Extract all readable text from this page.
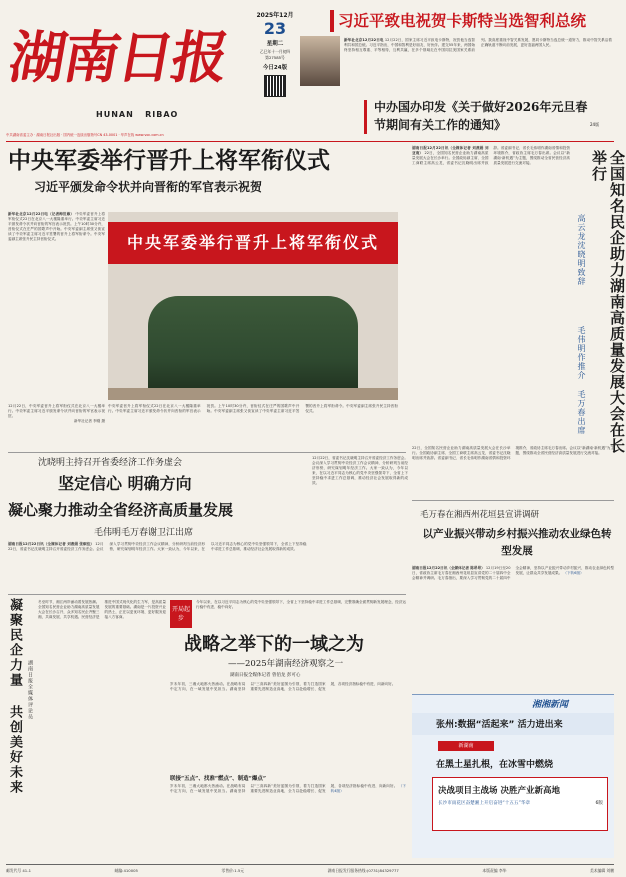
湖南日报
HUNAN   RIBAO
中共湖南省委主办 · 湖南日报社出版 · 国内统一连续出版物号CN 43-0001 · 华声在线 www.voc.com.cn
2025年12月
23
星期二
乙巳年十一月初四
第27585号
今日24版
习近平致电祝贺卡斯特当选智利总统
新华社北京12月22日电 12月22日，国家主席习近平致电卡斯特，祝贺他当选智利共和国总统。习近平指出，中国和智利是好朋友、好伙伴。建交55年来，两国始终坚持相互尊重、平等相待，互利共赢，在多个领域走在中国同拉美国家关系前列。我高度重视中智关系发展，愿同卡斯特当选总统一道努力，推动中智关系沿着正确轨道不断向前发展，更好造福两国人民。
中办国办印发《关于做好2026年元旦春节期间有关工作的通知》	24版
中央军委举行晋升上将军衔仪式
习近平颁发命令状并向晋衔的军官表示祝贺
新华社北京12月22日电（记者梅世雄） 中央军委晋升上将军衔仪式22日在北京八一大楼隆重举行。中央军委主席习近平颁发命令状并向晋衔的军官表示祝贺。上午10时30分许，晋衔仪式在庄严的国歌声中开始。中央军委副主席张又侠宣读了中央军委主席习近平签署的晋升上将军衔命令。中央军委副主席张升民主持晋衔仪式。	中央军委举行晋升上将军衔仪式
12月22日，中央军委晋升上将军衔仪式在北京八一大楼举行。中央军委主席习近平颁发命令状并向晋衔的军官表示祝贺。
新华社记者 李刚 摄
中央军委晋升上将军衔仪式22日在北京八一大楼隆重举行。中央军委主席习近平颁发命令状并向晋衔的军官表示祝贺。上午10时30分许，晋衔仪式在庄严的国歌声中开始。中央军委副主席张又侠宣读了中央军委主席习近平签署的晋升上将军衔命令。中央军委副主席张升民主持晋衔仪式。
沈晓明主持召开省委经济工作务虚会
坚定信心 明确方向
凝心聚力推动全省经济高质量发展
毛伟明毛万春谢卫江出席
湖南日报12月22日讯（全媒体记者 刘燕娟 张颐佳） 12月22日，省委书记沈晓明主持召开省委经济工作务虚会。会议深入学习贯彻中央经济工作会议精神，分析研判当前经济形势，研究谋划明年经济工作。大家一致认为，今年以来，在以习近平同志为核心的党中央坚强领导下，全省上下坚持稳中求进工作总基调，推动经济社会发展取得新的成效。
12月22日，省委书记沈晓明主持召开省委经济工作务虚会。会议深入学习贯彻中央经济工作会议精神，分析研判当前经济形势，研究谋划明年经济工作。大家一致认为，今年以来，在以习近平同志为核心的党中央坚强领导下，全省上下坚持稳中求进工作总基调，推动经济社会发展取得新的成效。
湖南日报12月22日讯（全媒体记者 刘燕娟 刘亚南） 22日，全国知名民营企业助力湖南高质量发展大会在长沙举行。全国政协副主席、全国工商联主席高云龙，省委书记沈晓明出席并致辞。省委副书记、省长毛伟明作湖南省情和投资环境推介，省政协主席毛万春出席。会议以“新湖南·新机遇”为主题，围绕推动全省民营经济高质量发展进行交流对接。	全国知名民企助力湖南高质量发展大会在长举行
高云龙沈晓明致辞
毛伟明作推介 毛万春出席
22日，全国知名民营企业助力湖南高质量发展大会在长沙举行。全国政协副主席、全国工商联主席高云龙，省委书记沈晓明出席并致辞。省委副书记、省长毛伟明作湖南省情和投资环境推介，省政协主席毛万春出席。会议以“新湖南·新机遇”为主题，围绕推动全省民营经济高质量发展进行交流对接。
毛万春在湘西州花垣县宣讲调研
以产业振兴带动乡村振兴推动农业绿色转型发展
湖南日报12月22日讯（全媒体记者 陈昂昂） 12月19日至20日，省政协主席毛万春在湘西州花垣县宣讲党的二十届四中全会精神并调研。毛万春指出，要深入学习贯彻党的二十届四中全会精神，坚持以产业振兴带动乡村振兴，推动农业绿色转型发展，让群众共享发展成果。 （下转6版）
凝聚民企力量 共创美好未来 湖南日报全媒体评论员
冬至时节，湘江两岸涌动着发展热潮。全国知名民营企业助力湖南高质量发展大会在长沙召开，众多知名民企齐聚三湘，共谋发展、共享机遇。民营经济是推进中国式现代化的生力军，是高质量发展的重要基础。湖南是一片投资兴业的热土，正在以更优环境、更好服务迎接八方客商。
开局起步
今年以来，在以习近平同志为核心的党中央坚强领导下，全省上下坚持稳中求进工作总基调，完整准确全面贯彻新发展理念，经济运行稳中有进、稳中向好。
战略之举下的一域之为
——2025年湖南经济观察之一
湖南日报全媒体记者 曾佰龙 彭可心
岁末年初，三湘大地都火热涌动。在战略布局中定方向，在一域发展中见担当。湖南坚持以“三高四新”美好蓝图为引领，着力打造国家重要先进制造业高地，全力以赴稳增长、促发展，各项经济指标稳中有进、向新向好。
联接“五点”、找准“燃点”、制造“爆点”
岁末年初，三湘大地都火热涌动。在战略布局中定方向，在一域发展中见担当。湖南坚持以“三高四新”美好蓝图为引领，着力打造国家重要先进制造业高地，全力以赴稳增长、促发展，各项经济指标稳中有进、向新向好。 （下转4版）
湘湘新闻
张州:数据“活起来” 活力进出来
新湖南
在黑土星扎根，在冰雪中燃烧
决战项目主战场 决胜产业新高地
长沙市雨花区奋楚湘上开启奋进“十五五”华章	6版
邮发代号 41-1	邮编:410005	零售价:1.5元	湖南日报发行服务热线:(0731)84329777	本版责编 李华	美术编辑 刘鹏
